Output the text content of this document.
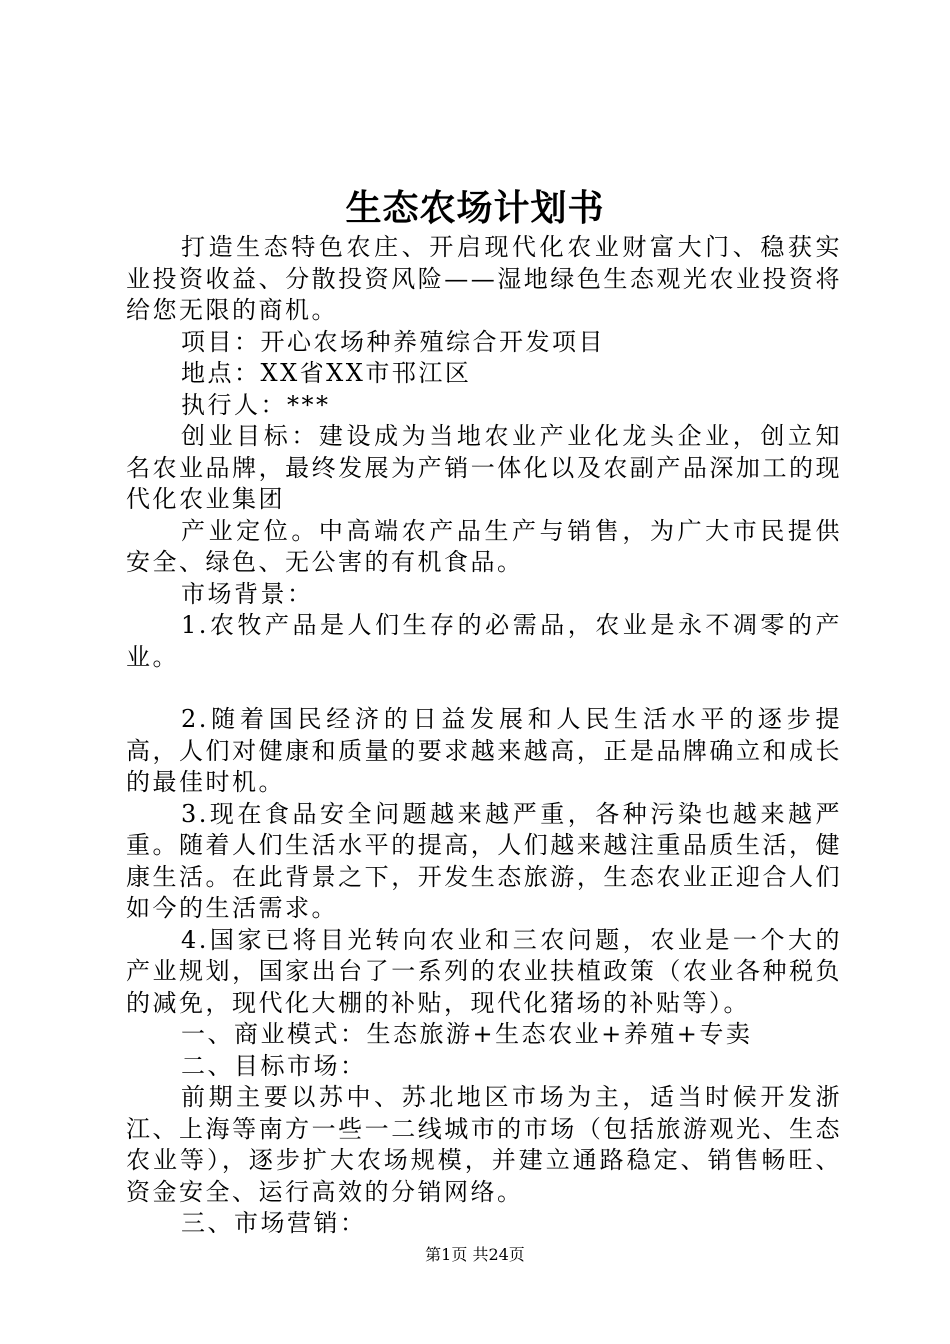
生态农场计划书

打造生态特色农庄、开启现代化农业财富大门、稳获实业投资收益、分散投资风险——湿地绿色生态观光农业投资将给您无限的商机。

项目：开心农场种养殖综合开发项目

地点：XX省XX市邗江区

执行人：***

创业目标：建设成为当地农业产业化龙头企业，创立知名农业品牌，最终发展为产销一体化以及农副产品深加工的现代化农业集团

产业定位。中高端农产品生产与销售，为广大市民提供安全、绿色、无公害的有机食品。

市场背景：

1.农牧产品是人们生存的必需品，农业是永不凋零的产业。

2.随着国民经济的日益发展和人民生活水平的逐步提高，人们对健康和质量的要求越来越高，正是品牌确立和成长的最佳时机。

3.现在食品安全问题越来越严重，各种污染也越来越严重。随着人们生活水平的提高，人们越来越注重品质生活，健康生活。在此背景之下，开发生态旅游，生态农业正迎合人们如今的生活需求。

4.国家已将目光转向农业和三农问题，农业是一个大的产业规划，国家出台了一系列的农业扶植政策（农业各种税负的减免，现代化大棚的补贴，现代化猪场的补贴等）。

一、商业模式：生态旅游+生态农业+养殖+专卖

二、目标市场：

前期主要以苏中、苏北地区市场为主，适当时候开发浙江、上海等南方一些一二线城市的市场（包括旅游观光、生态农业等），逐步扩大农场规模，并建立通路稳定、销售畅旺、资金安全、运行高效的分销网络。

三、市场营销：

第1页 共24页
